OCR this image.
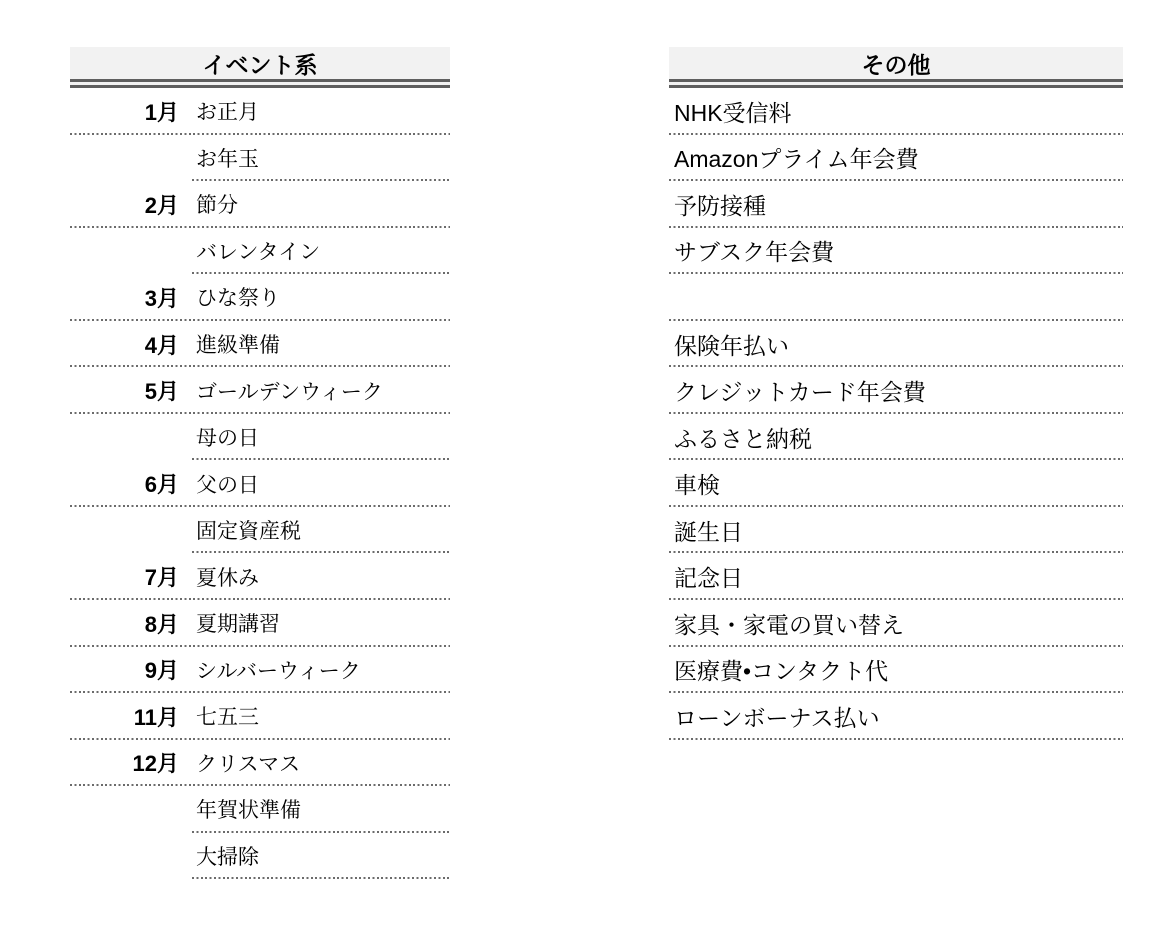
イベント系
1月 お正月
お年玉
2月 節分
バレンタイン
3月 ひな祭り
4月 進級準備
5月 ゴールデンウィーク
母の日
6月 父の日
固定資産税
7月 夏休み
8月 夏期講習
9月 シルバーウィーク
11月 七五三
12月 クリスマス
年賀状準備
大掃除
その他
NHK受信料
Amazonプライム年会費
予防接種
サブスク年会費
保険年払い
クレジットカード年会費
ふるさと納税
車検
誕生日
記念日
家具・家電の買い替え
医療費•コンタクト代
ローンボーナス払い
